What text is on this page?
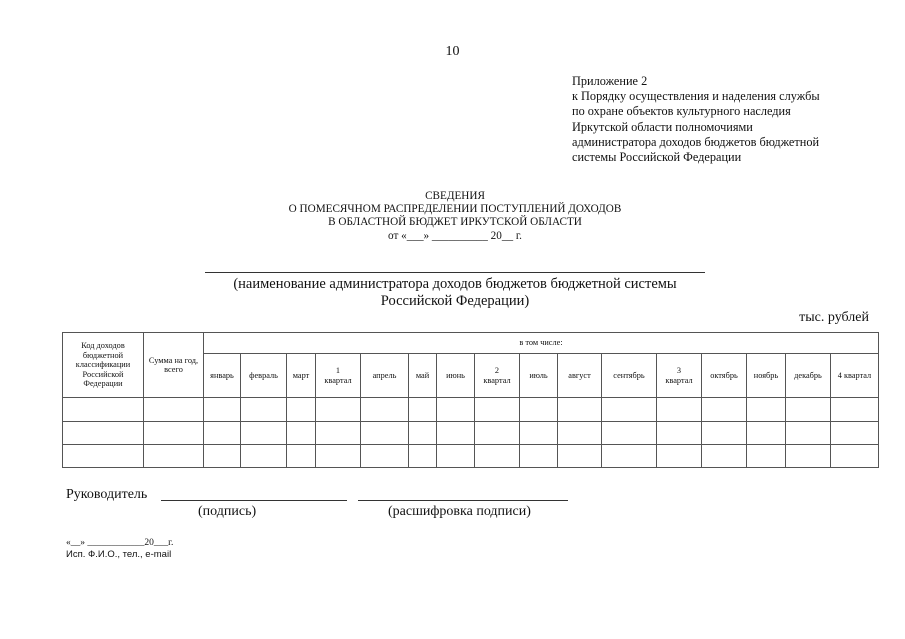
10
Приложение 2
к Порядку осуществления и наделения службы
по охране объектов культурного наследия
Иркутской области полномочиями
администратора доходов бюджетов бюджетной
системы Российской Федерации
СВЕДЕНИЯ
О ПОМЕСЯЧНОМ РАСПРЕДЕЛЕНИИ ПОСТУПЛЕНИЙ ДОХОДОВ
В ОБЛАСТНОЙ БЮДЖЕТ ИРКУТСКОЙ ОБЛАСТИ
от «___» __________ 20__ г.
(наименование администратора доходов бюджетов бюджетной системы
Российской Федерации)
тыс. рублей
Код доходов бюджетной классификации Российской Федерации	Сумма на год, всего	в том числе:															
		январь	февраль	март	1 квартал	апрель	май	июнь	2 квартал	июль	август	сентябрь	3 квартал	октябрь	ноябрь	декабрь	4 квартал

Руководитель
(подпись)	(расшифровка подписи)
«__» ____________20___г.
Исп. Ф.И.О., тел., e-mail
